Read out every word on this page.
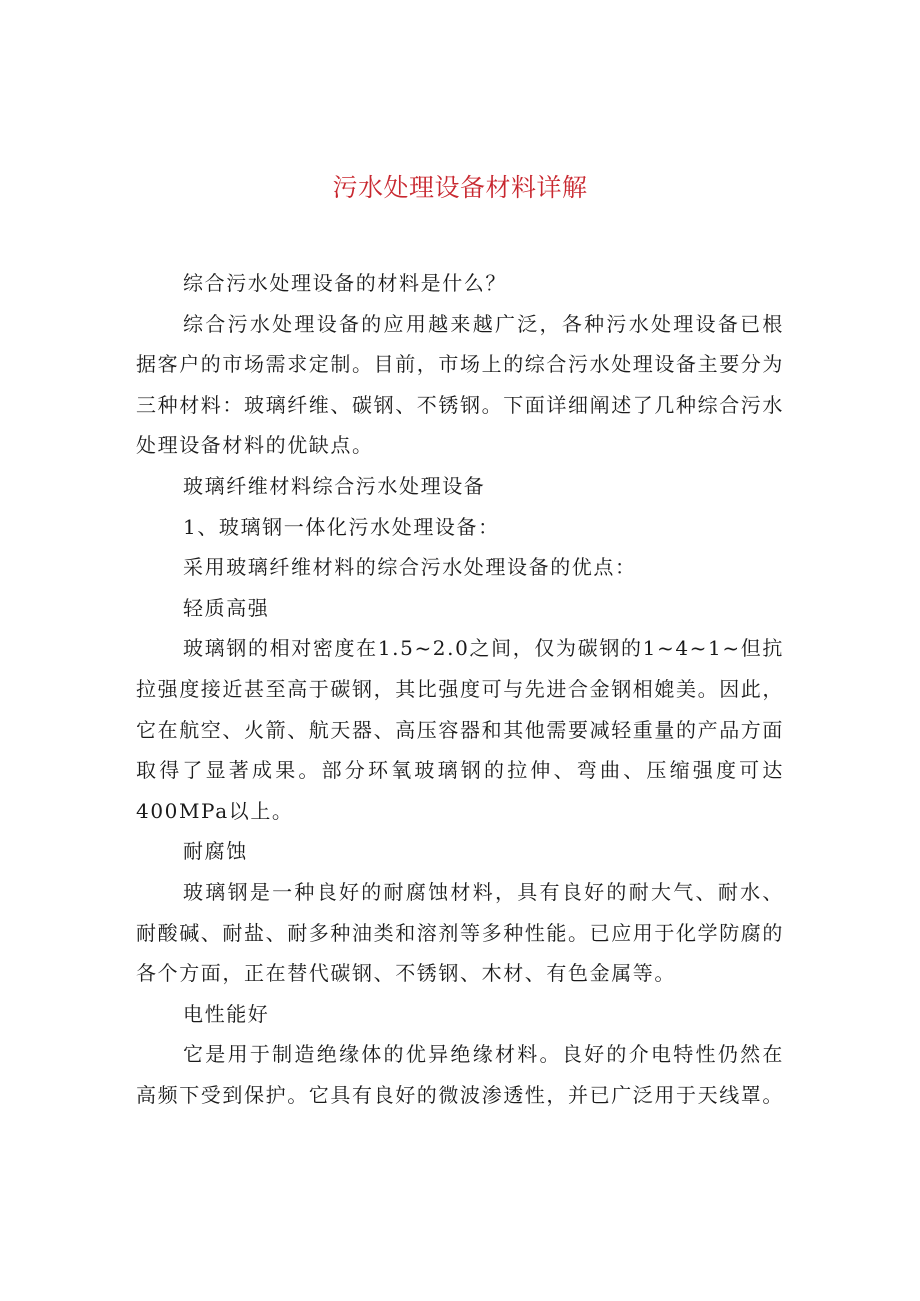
污水处理设备材料详解

综合污水处理设备的材料是什么？

综合污水处理设备的应用越来越广泛，各种污水处理设备已根据客户的市场需求定制。目前，市场上的综合污水处理设备主要分为三种材料：玻璃纤维、碳钢、不锈钢。下面详细阐述了几种综合污水处理设备材料的优缺点。

玻璃纤维材料综合污水处理设备

1、玻璃钢一体化污水处理设备：

采用玻璃纤维材料的综合污水处理设备的优点：

轻质高强

玻璃钢的相对密度在1.5~2.0之间，仅为碳钢的1~4~1~但抗拉强度接近甚至高于碳钢，其比强度可与先进合金钢相媲美。因此，它在航空、火箭、航天器、高压容器和其他需要减轻重量的产品方面取得了显著成果。部分环氧玻璃钢的拉伸、弯曲、压缩强度可达400MPa以上。

耐腐蚀

玻璃钢是一种良好的耐腐蚀材料，具有良好的耐大气、耐水、耐酸碱、耐盐、耐多种油类和溶剂等多种性能。已应用于化学防腐的各个方面，正在替代碳钢、不锈钢、木材、有色金属等。

电性能好

它是用于制造绝缘体的优异绝缘材料。良好的介电特性仍然在高频下受到保护。它具有良好的微波渗透性，并已广泛用于天线罩。
